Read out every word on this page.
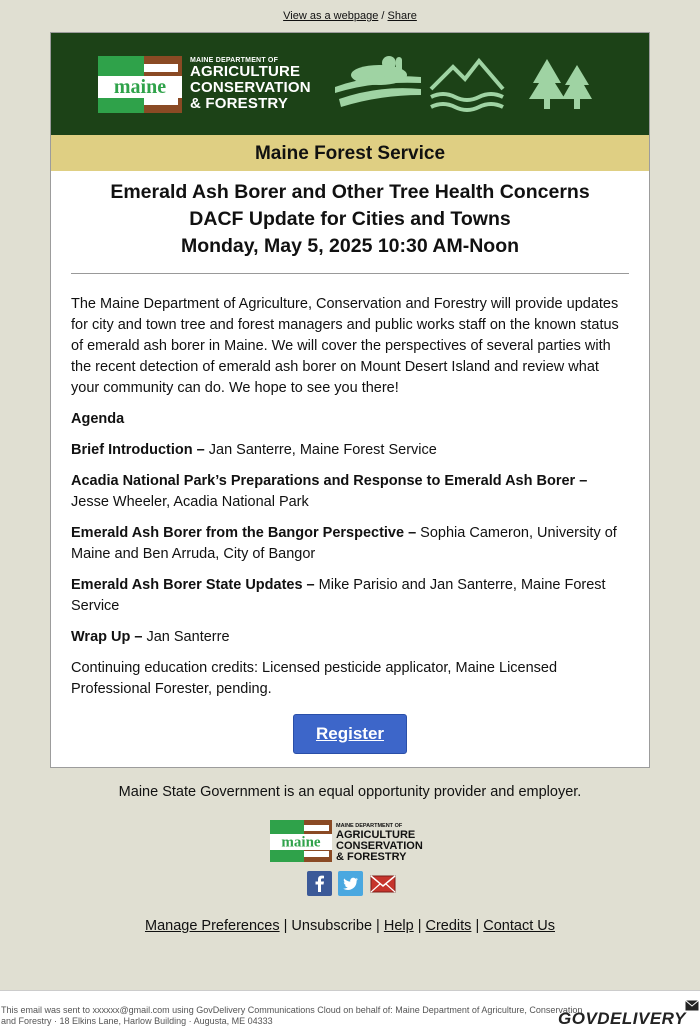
View as a webpage / Share
maine
MAINE DEPARTMENT OF
AGRICULTURE
CONSERVATION
& FORESTRY
Maine Forest Service
Emerald Ash Borer and Other Tree Health Concerns
DACF Update for Cities and Towns
Monday, May 5, 2025 10:30 AM-Noon

The Maine Department of Agriculture, Conservation and Forestry will provide updates for city and town tree and forest managers and public works staff on the known status of emerald ash borer in Maine. We will cover the perspectives of several parties with the recent detection of emerald ash borer on Mount Desert Island and review what your community can do. We hope to see you there!

Agenda

Brief Introduction – Jan Santerre, Maine Forest Service

Acadia National Park’s Preparations and Response to Emerald Ash Borer – Jesse Wheeler, Acadia National Park

Emerald Ash Borer from the Bangor Perspective – Sophia Cameron, University of Maine and Ben Arruda, City of Bangor

Emerald Ash Borer State Updates – Mike Parisio and Jan Santerre, Maine Forest Service

Wrap Up – Jan Santerre

Continuing education credits: Licensed pesticide applicator, Maine Licensed Professional Forester, pending.

Register
Maine State Government is an equal opportunity provider and employer.
maine
MAINE DEPARTMENT OF
AGRICULTURE
CONSERVATION
& FORESTRY

Manage Preferences | Unsubscribe | Help | Credits | Contact Us
This email was sent to xxxxxx@gmail.com using GovDelivery Communications Cloud on behalf of: Maine Department of Agriculture, Conservation and Forestry · 18 Elkins Lane, Harlow Building · Augusta, ME 04333	GOVDELIVERY
